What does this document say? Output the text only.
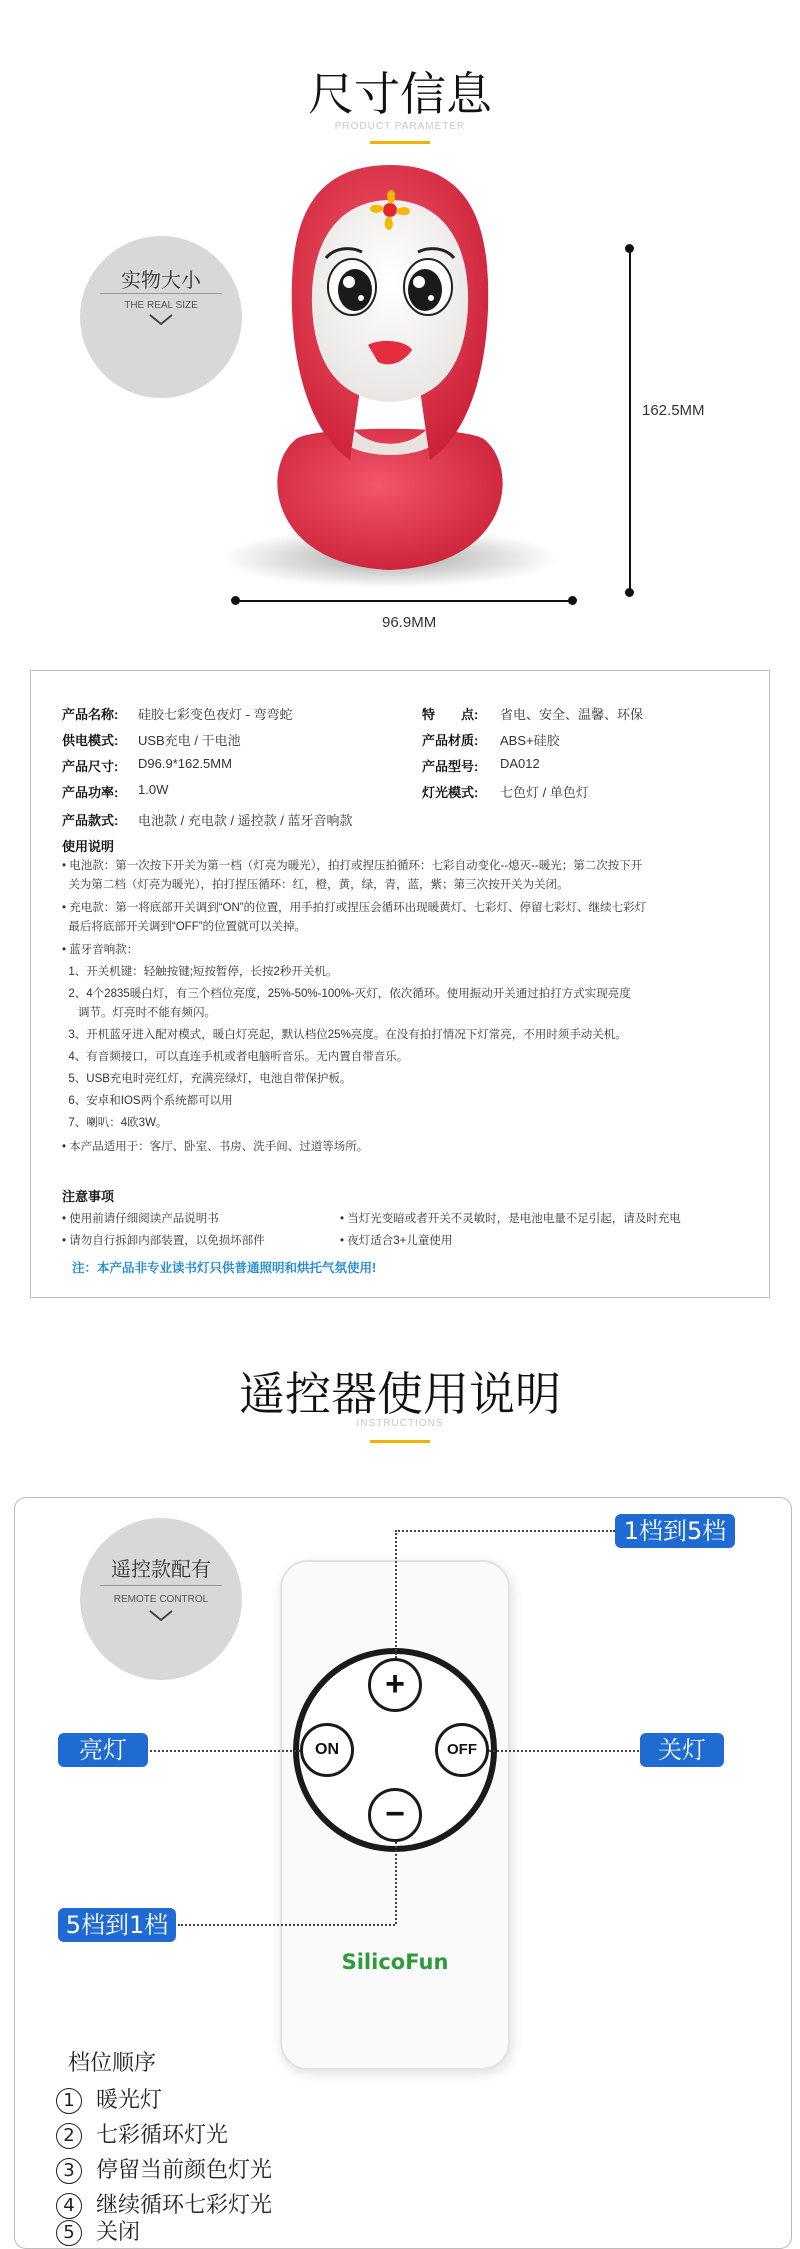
尺寸信息
PRODUCT PARAMETER
实物大小
THE REAL SIZE
162.5MM
96.9MM
产品名称: 硅胶七彩变色夜灯 - 弯弯蛇	特　　点: 省电、安全、温馨、环保
供电模式: USB充电 / 干电池	产品材质: ABS+硅胶
产品尺寸: D96.9*162.5MM	产品型号: DA012
产品功率: 1.0W	灯光模式: 七色灯 / 单色灯
产品款式: 电池款 / 充电款 / 遥控款 / 蓝牙音响款
使用说明
• 电池款：第一次按下开关为第一档（灯亮为暖光），拍打或捏压拍循环：七彩自动变化--熄灭--暖光；第二次按下开
关为第二档（灯亮为暖光），拍打捏压循环：红，橙，黄，绿，青，蓝，紫；第三次按开关为关闭。
• 充电款：第一将底部开关调到“ON”的位置，用手拍打或捏压会循环出现暖黄灯、七彩灯、停留七彩灯、继续七彩灯
最后将底部开关调到“OFF”的位置就可以关掉。
• 蓝牙音响款：
1、开关机键：轻触按键;短按暂停，长按2秒开关机。
2、4个2835暖白灯，有三个档位亮度，25%-50%-100%-灭灯，依次循环。使用振动开关通过拍打方式实现亮度
调节。灯亮时不能有频闪。
3、开机蓝牙进入配对模式，暖白灯亮起，默认档位25%亮度。在没有拍打情况下灯常亮，不用时须手动关机。
4、有音频接口，可以直连手机或者电脑听音乐。无内置自带音乐。
5、USB充电时亮红灯，充满亮绿灯，电池自带保护板。
6、安卓和IOS两个系统都可以用
7、喇叭：4欧3W。
• 本产品适用于：客厅、卧室、书房、洗手间、过道等场所。
注意事项
• 使用前请仔细阅读产品说明书	• 当灯光变暗或者开关不灵敏时，是电池电量不足引起，请及时充电
• 请勿自行拆卸内部装置，以免损坏部件	• 夜灯适合3+儿童使用
注：本产品非专业读书灯只供普通照明和烘托气氛使用!
遥控器使用说明
INSTRUCTIONS
遥控款配有
REMOTE CONTROL
+
−
ON	OFF
SilicoFun
1档到5档
亮灯	关灯
5档到1档
档位顺序
1 暖光灯
2 七彩循环灯光
3 停留当前颜色灯光
4 继续循环七彩灯光
5 关闭
